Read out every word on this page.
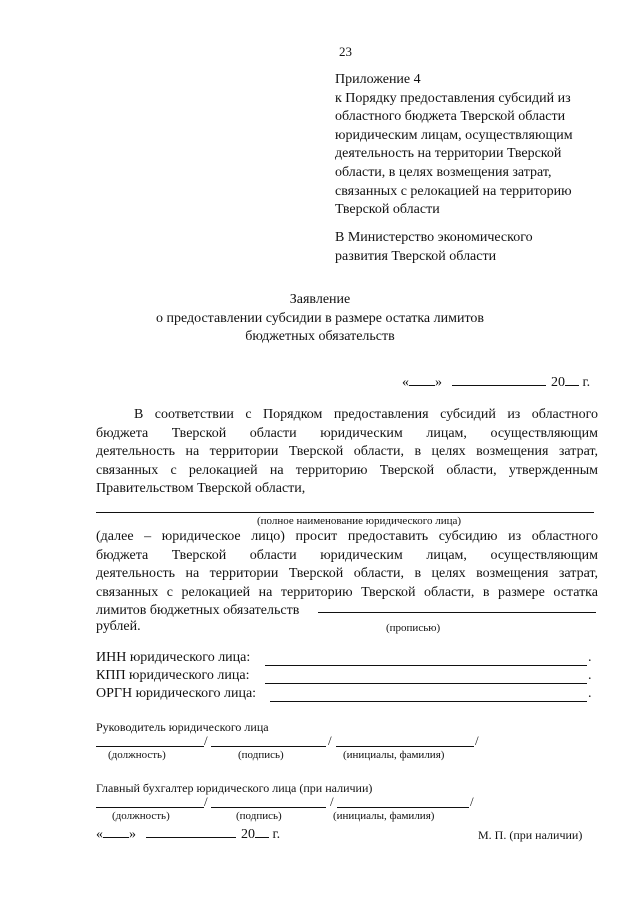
23
Приложение 4
к Порядку предоставления субсидий из
областного бюджета Тверской области
юридическим лицам, осуществляющим
деятельность на территории Тверской
области, в целях возмещения затрат,
связанных с релокацией на территорию
Тверской области
В Министерство экономического
развития Тверской области
Заявление
о предоставлении субсидии в размере остатка лимитов
бюджетных обязательств
« »	20 г.
В соответствии с Порядком предоставления субсидий из областного
бюджета Тверской области юридическим лицам, осуществляющим
деятельность на территории Тверской области, в целях возмещения затрат,
связанных с релокацией на территорию Тверской области, утвержденным
Правительством Тверской области,
(полное наименование юридического лица)
(далее – юридическое лицо) просит предоставить субсидию из областного
бюджета Тверской области юридическим лицам, осуществляющим
деятельность на территории Тверской области, в целях возмещения затрат,
связанных с релокацией на территорию Тверской области, в размере остатка
лимитов бюджетных обязательств
рублей.	(прописью)
ИНН юридического лица:	.
КПП юридического лица:	.
ОРГН юридического лица:	.
Руководитель юридического лица
/	/	/
(должность)	(подпись)	(инициалы, фамилия)
Главный бухгалтер юридического лица (при наличии)
/	/	/
(должность)	(подпись)	(инициалы, фамилия)
« »	20 г.	М. П. (при наличии)
